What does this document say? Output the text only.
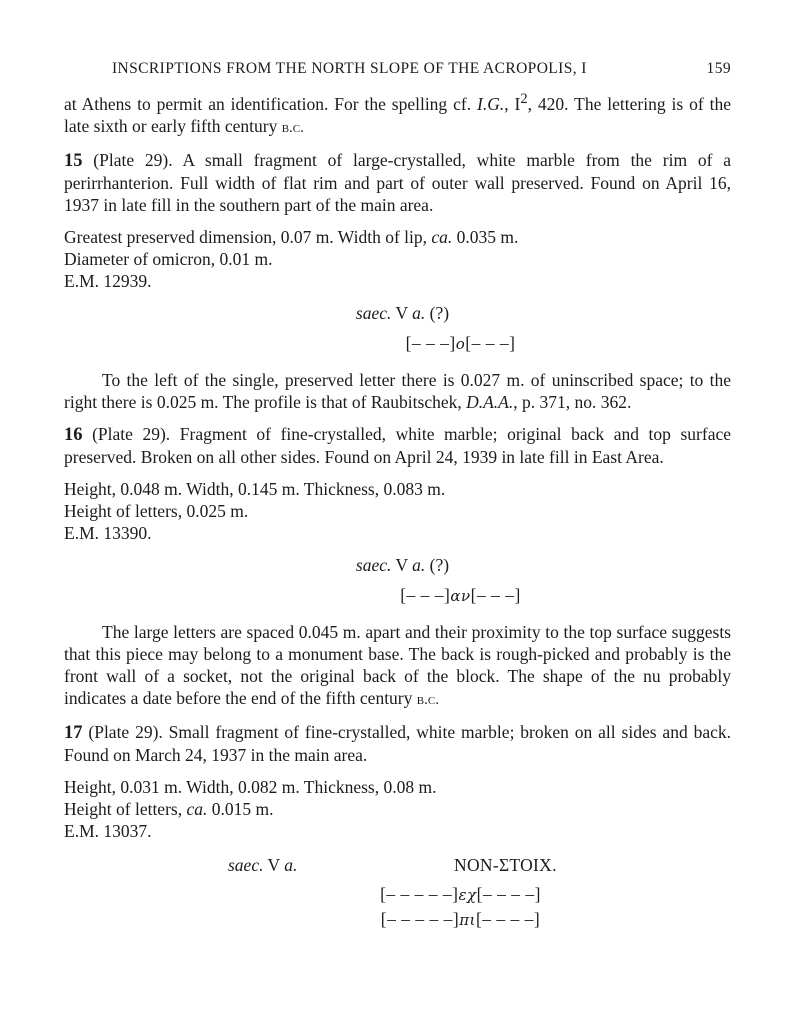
INSCRIPTIONS FROM THE NORTH SLOPE OF THE ACROPOLIS, I	159

at Athens to permit an identification. For the spelling cf. I.G., $I^2$, 420. The lettering is of the late sixth or early fifth century b.c.

15 (Plate 29). A small fragment of large-crystalled, white marble from the rim of a perirrhanterion. Full width of flat rim and part of outer wall preserved. Found on April 16, 1937 in late fill in the southern part of the main area.

Greatest preserved dimension, 0.07 m. Width of lip, ca. 0.035 m.
Diameter of omicron, 0.01 m.
E.M. 12939.
saec. V a. (?)
[– – –]o[– – –]

To the left of the single, preserved letter there is 0.027 m. of uninscribed space; to the right there is 0.025 m. The profile is that of Raubitschek, D.A.A., p. 371, no. 362.

16 (Plate 29). Fragment of fine-crystalled, white marble; original back and top surface preserved. Broken on all other sides. Found on April 24, 1939 in late fill in East Area.

Height, 0.048 m. Width, 0.145 m. Thickness, 0.083 m.
Height of letters, 0.025 m.
E.M. 13390.
saec. V a. (?)
[– – –]αν[– – –]

The large letters are spaced 0.045 m. apart and their proximity to the top surface suggests that this piece may belong to a monument base. The back is rough-picked and probably is the front wall of a socket, not the original back of the block. The shape of the nu probably indicates a date before the end of the fifth century b.c.

17 (Plate 29). Small fragment of fine-crystalled, white marble; broken on all sides and back. Found on March 24, 1937 in the main area.

Height, 0.031 m. Width, 0.082 m. Thickness, 0.08 m.
Height of letters, ca. 0.015 m.
E.M. 13037.
saec. V a.	NON-ΣΤΟΙΧ.
[– – – – –]εχ[– – – –]
[– – – – –]πι[– – – –]
